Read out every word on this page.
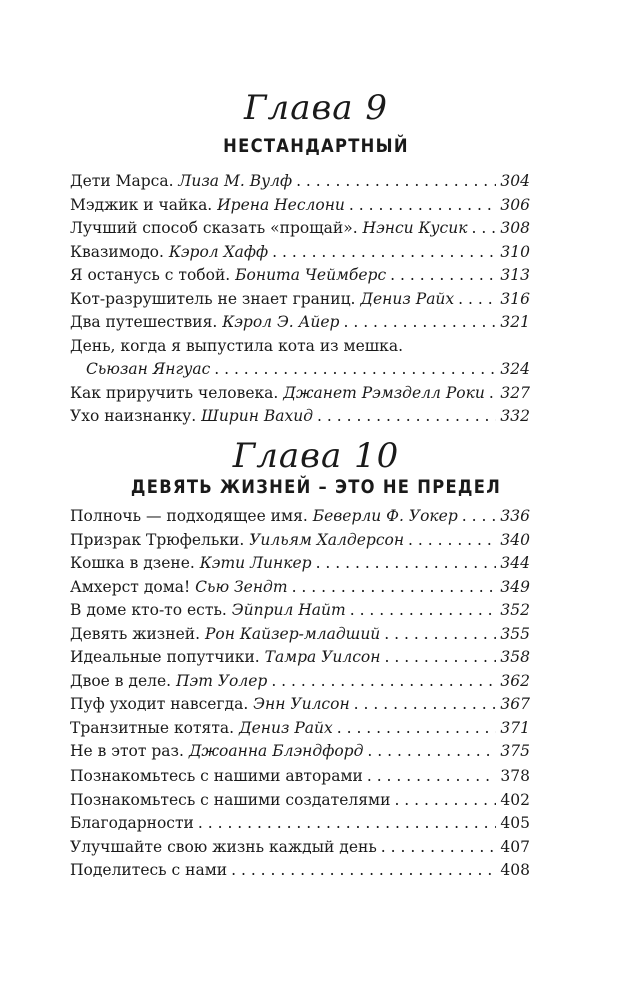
Глава 9
НЕСТАНДАРТНЫЙ
Дети Марса. Лиза М. Вулф . . .	304
Мэджик и чайка. Ирена Неслони . . .	306
Лучший способ сказать «прощай». Нэнси Кусик . . . 308
Квазимодо. Кэрол Хафф . . .	310
Я останусь с тобой. Бонита Чеймберс . . .	313
Кот-разрушитель не знает границ. Дениз Райх . . .	316
Два путешествия. Кэрол Э. Айер . . .	321
День, когда я выпустила кота из мешка.
Сьюзан Янгуас . . .	324
Как приручить человека. Джанет Рэмзделл Роки . . . 327
Ухо наизнанку. Ширин Вахид . . .	332
Глава 10
ДЕВЯТЬ ЖИЗНЕЙ – ЭТО НЕ ПРЕДЕЛ
Полночь — подходящее имя. Беверли Ф. Уокер . . .	336
Призрак Трюфельки. Уильям Халдерсон . . .	340
Кошка в дзене. Кэти Линкер . . .	344
Амхерст дома! Сью Зендт . . .	349
В доме кто-то есть. Эйприл Найт . . .	352
Девять жизней. Рон Кайзер-младший . . .	355
Идеальные попутчики. Тамра Уилсон . . .	358
Двое в деле. Пэт Уолер . . .	362
Пуф уходит навсегда. Энн Уилсон . . .	367
Транзитные котята. Дениз Райх . . .	371
Не в этот раз. Джоанна Блэндфорд . . .	375
Познакомьтесь с нашими авторами . . .	378
Познакомьтесь с нашими создателями . . .	402
Благодарности . . .	405
Улучшайте свою жизнь каждый день . . .	407
Поделитесь с нами . . .	408
